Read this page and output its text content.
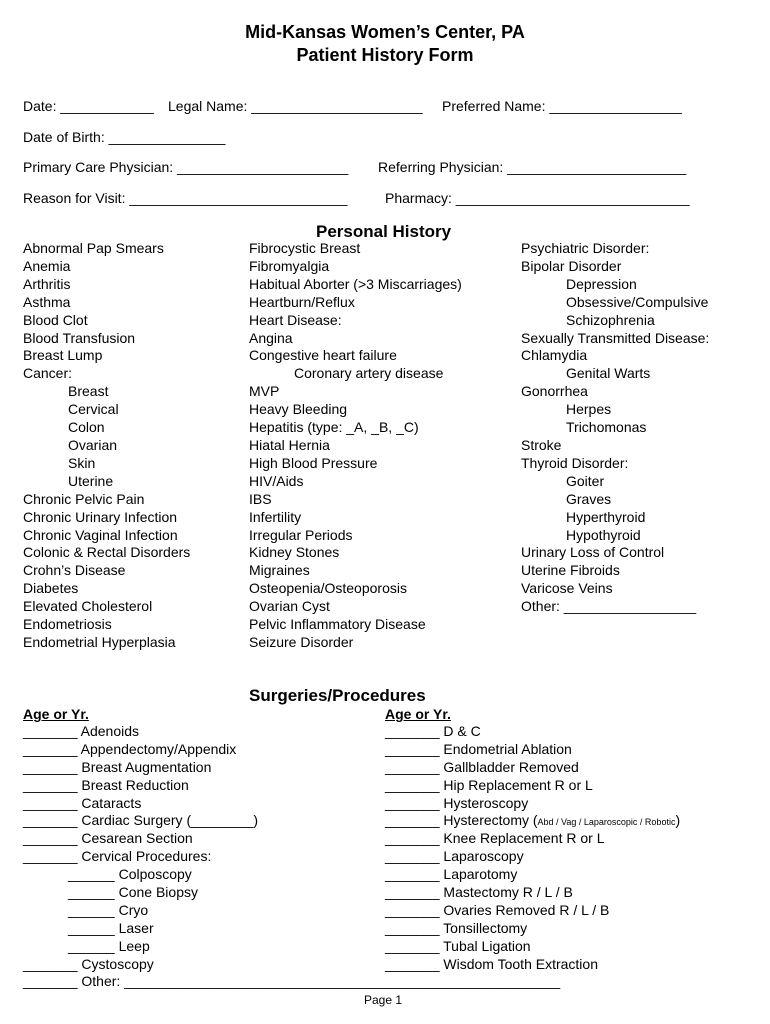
Mid-Kansas Women’s Center, PA
Patient History Form
Date: ____________ Legal Name: ______________________ Preferred Name: _________________
Date of Birth: _______________
Primary Care Physician: ______________________ Referring Physician: _______________________
Reason for Visit: ____________________________	Pharmacy: ______________________________
Personal History
Abnormal Pap Smears
Anemia
Arthritis
Asthma
Blood Clot
Blood Transfusion
Breast Lump
Cancer:
Breast
Cervical
Colon
Ovarian
Skin
Uterine
Chronic Pelvic Pain
Chronic Urinary Infection
Chronic Vaginal Infection
Colonic & Rectal Disorders
Crohn’s Disease
Diabetes
Elevated Cholesterol
Endometriosis
Endometrial Hyperplasia
Fibrocystic Breast
Fibromyalgia
Habitual Aborter (>3 Miscarriages)
Heartburn/Reflux
Heart Disease:
Angina
Congestive heart failure
Coronary artery disease
MVP
Heavy Bleeding
Hepatitis (type: _A, _B, _C)
Hiatal Hernia
High Blood Pressure
HIV/Aids
IBS
Infertility
Irregular Periods
Kidney Stones
Migraines
Osteopenia/Osteoporosis
Ovarian Cyst
Pelvic Inflammatory Disease
Seizure Disorder
Psychiatric Disorder:
Bipolar Disorder
Depression
Obsessive/Compulsive
Schizophrenia
Sexually Transmitted Disease:
Chlamydia
Genital Warts
Gonorrhea
Herpes
Trichomonas
Stroke
Thyroid Disorder:
Goiter
Graves
Hyperthyroid
Hypothyroid
Urinary Loss of Control
Uterine Fibroids
Varicose Veins
Other: _________________
Surgeries/Procedures
Age or Yr.	Age or Yr.
_______ Adenoids
_______ Appendectomy/Appendix
_______ Breast Augmentation
_______ Breast Reduction
_______ Cataracts
_______ Cardiac Surgery (________)
_______ Cesarean Section
_______ Cervical Procedures:
______ Colposcopy
______ Cone Biopsy
______ Cryo
______ Laser
______ Leep
_______ Cystoscopy
_______ Other: ________________________________________________________
_______ D & C
_______ Endometrial Ablation
_______ Gallbladder Removed
_______ Hip Replacement R or L
_______ Hysteroscopy
_______ Hysterectomy (Abd / Vag / Laparoscopic / Robotic)
_______ Knee Replacement R or L
_______ Laparoscopy
_______ Laparotomy
_______ Mastectomy R / L / B
_______ Ovaries Removed R / L / B
_______ Tonsillectomy
_______ Tubal Ligation
_______ Wisdom Tooth Extraction
Page 1
